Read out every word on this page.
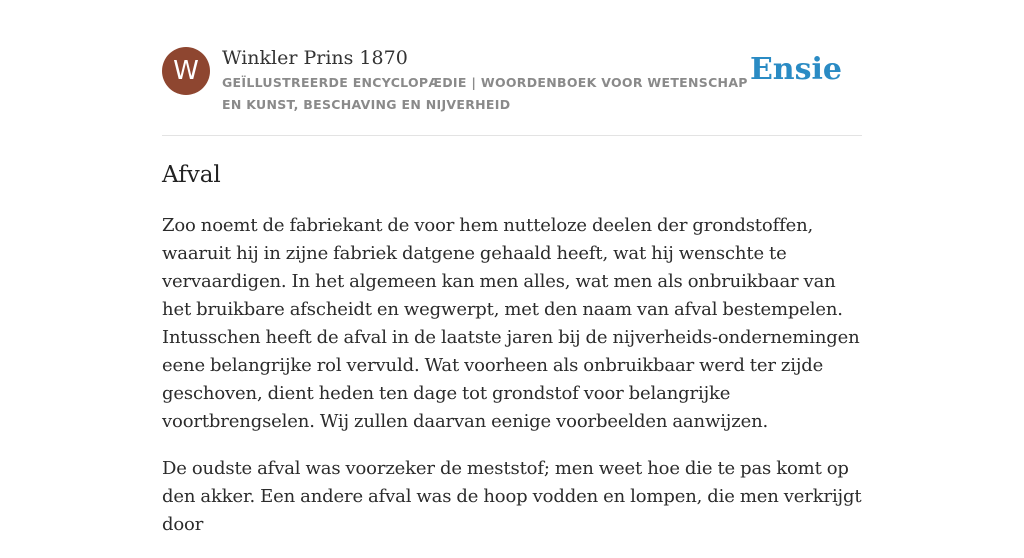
W	Winkler Prins 1870
GEÏLLUSTREERDE ENCYCLOPÆDIE | WOORDENBOEK VOOR WETENSCHAP EN KUNST, BESCHAVING EN NIJVERHEID
Ensie
Afval

Zoo noemt de fabriekant de voor hem nutteloze deelen der grondstoffen, waaruit hij in zijne fabriek datgene gehaald heeft, wat hij wenschte te vervaardigen. In het algemeen kan men alles, wat men als onbruikbaar van het bruikbare afscheidt en wegwerpt, met den naam van afval bestempelen. Intusschen heeft de afval in de laatste jaren bij de nijverheids-ondernemingen eene belangrijke rol vervuld. Wat voorheen als onbruikbaar werd ter zijde geschoven, dient heden ten dage tot grondstof voor belangrijke voortbrengselen. Wij zullen daarvan eenige voorbeelden aanwijzen.

De oudste afval was voorzeker de meststof; men weet hoe die te pas komt op den akker. Een andere afval was de hoop vodden en lompen, die men verkrijgt door
